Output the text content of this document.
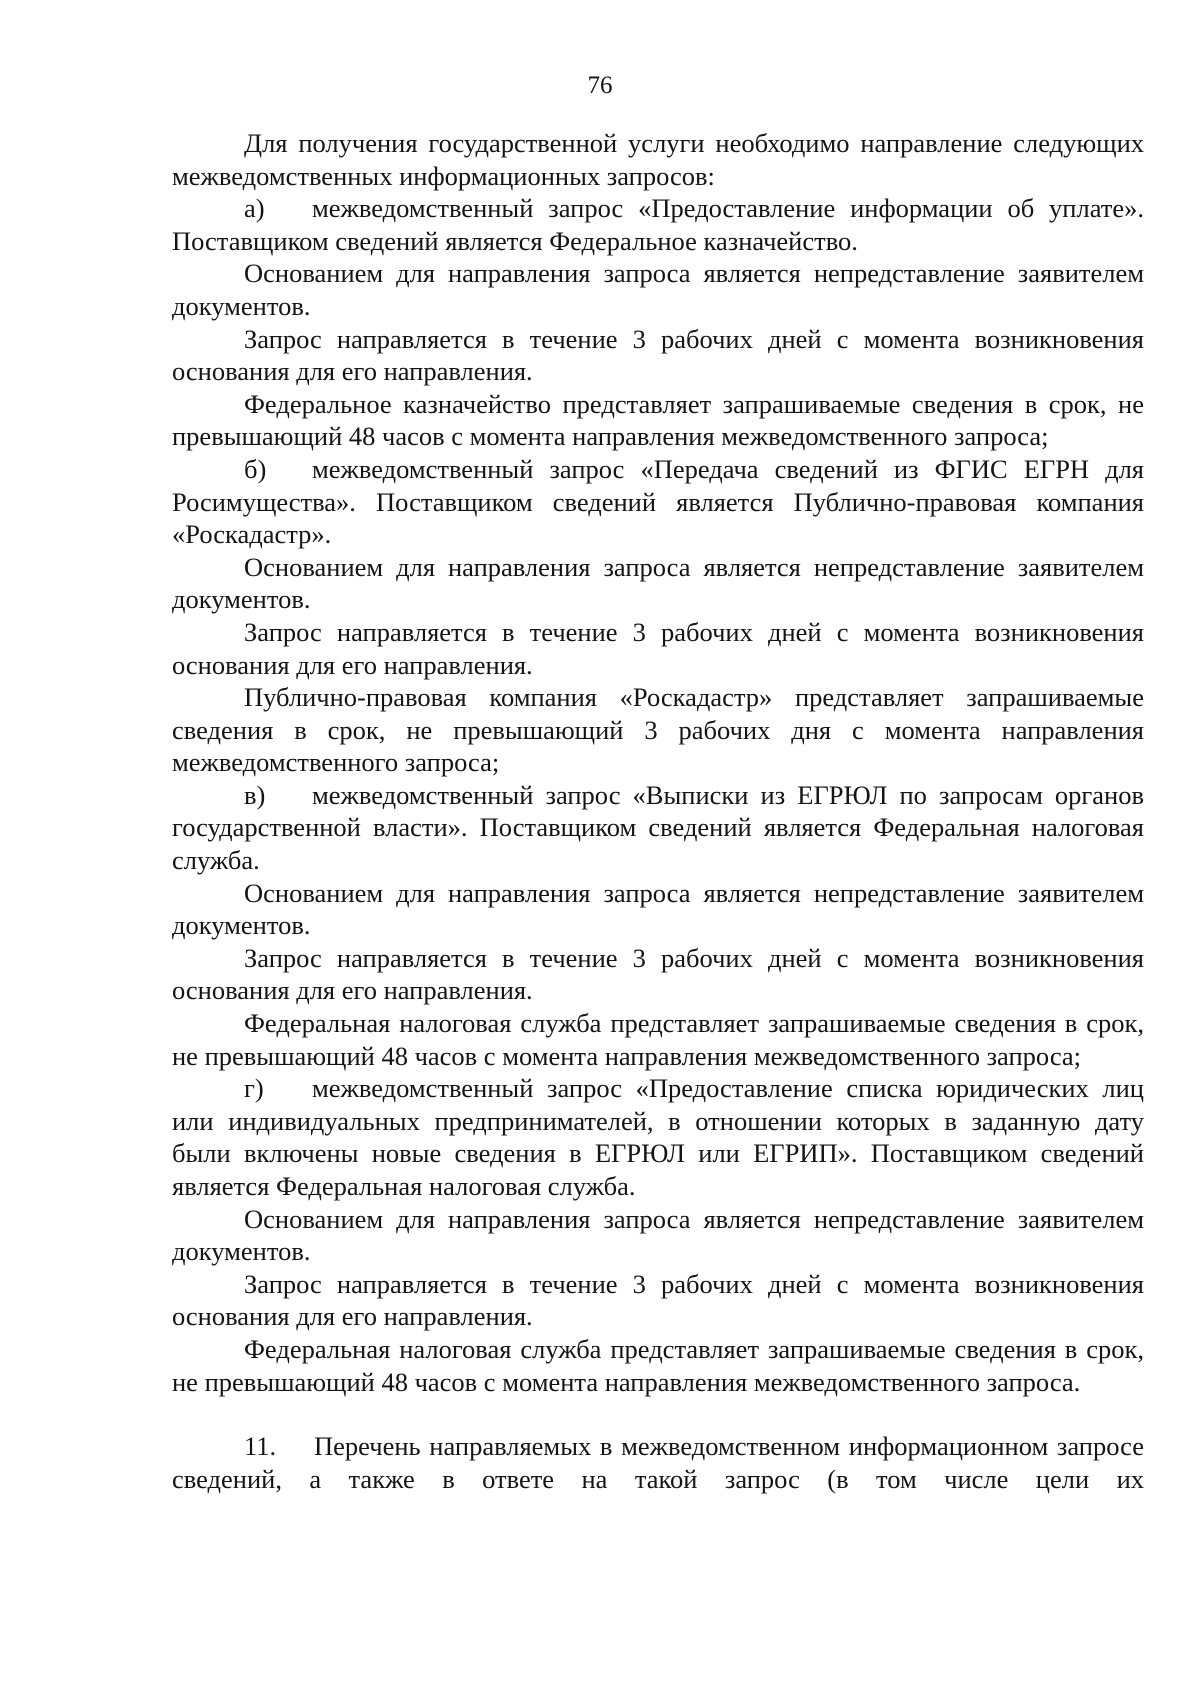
76

Для получения государственной услуги необходимо направление следующих межведомственных информационных запросов:

а) межведомственный запрос «Предоставление информации об уплате». Поставщиком сведений является Федеральное казначейство.

Основанием для направления запроса является непредставление заявителем документов.

Запрос направляется в течение 3 рабочих дней с момента возникновения основания для его направления.

Федеральное казначейство представляет запрашиваемые сведения в срок, не превышающий 48 часов с момента направления межведомственного запроса;

б) межведомственный запрос «Передача сведений из ФГИС ЕГРН для Росимущества». Поставщиком сведений является Публично-правовая компания «Роскадастр».

Основанием для направления запроса является непредставление заявителем документов.

Запрос направляется в течение 3 рабочих дней с момента возникновения основания для его направления.

Публично-правовая компания «Роскадастр» представляет запрашиваемые сведения в срок, не превышающий 3 рабочих дня с момента направления межведомственного запроса;

в) межведомственный запрос «Выписки из ЕГРЮЛ по запросам органов государственной власти». Поставщиком сведений является Федеральная налоговая служба.

Основанием для направления запроса является непредставление заявителем документов.

Запрос направляется в течение 3 рабочих дней с момента возникновения основания для его направления.

Федеральная налоговая служба представляет запрашиваемые сведения в срок, не превышающий 48 часов с момента направления межведомственного запроса;

г) межведомственный запрос «Предоставление списка юридических лиц или индивидуальных предпринимателей, в отношении которых в заданную дату были включены новые сведения в ЕГРЮЛ или ЕГРИП». Поставщиком сведений является Федеральная налоговая служба.

Основанием для направления запроса является непредставление заявителем документов.

Запрос направляется в течение 3 рабочих дней с момента возникновения основания для его направления.

Федеральная налоговая служба представляет запрашиваемые сведения в срок, не превышающий 48 часов с момента направления межведомственного запроса.

11. Перечень направляемых в межведомственном информационном запросе сведений, а также в ответе на такой запрос (в том числе цели их
